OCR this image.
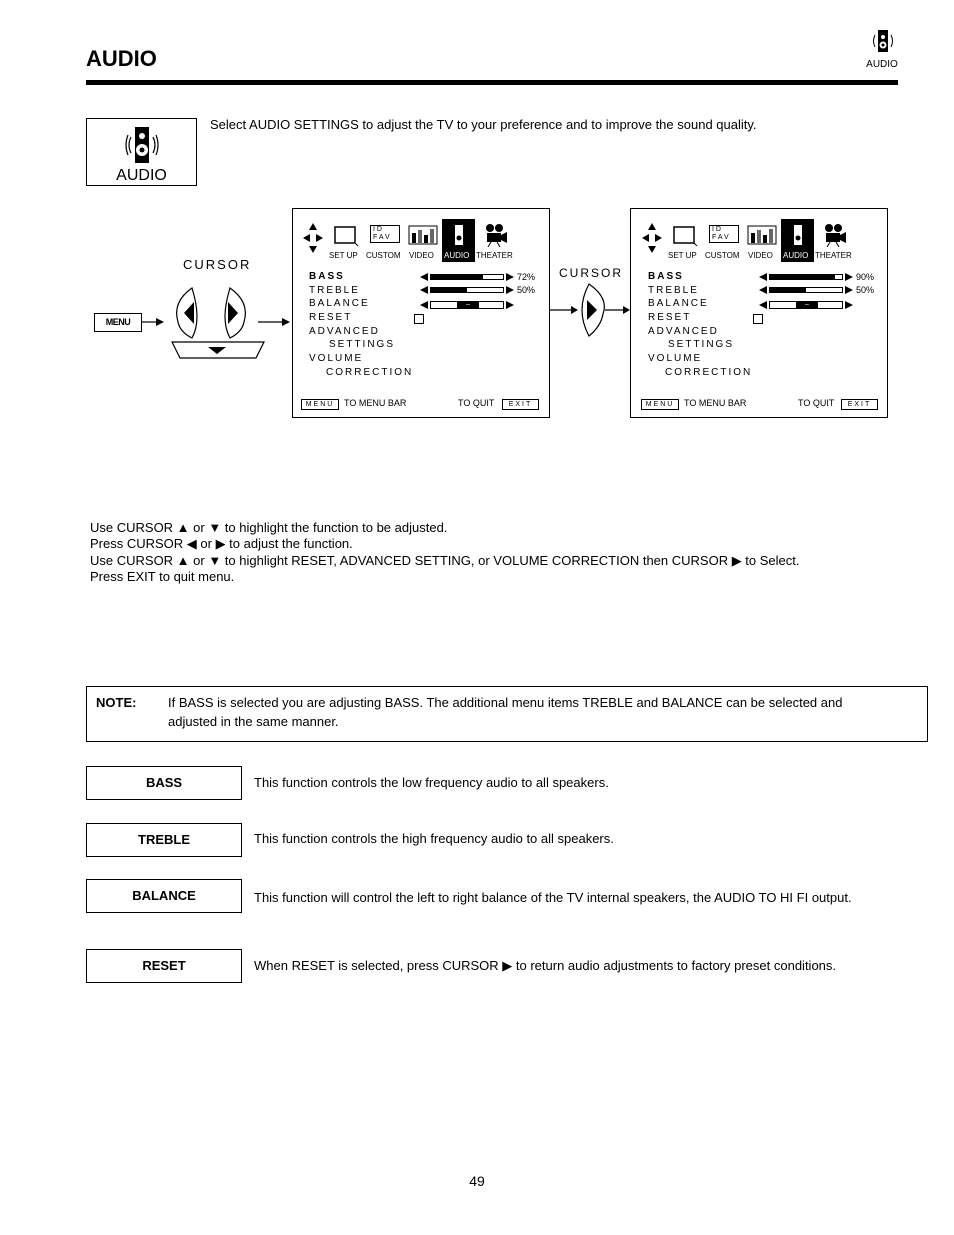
AUDIO	AUDIO
AUDIO
Select AUDIO SETTINGS to adjust the TV to your preference and to improve the sound quality.
MENU
CURSOR
CURSOR
I D
F A V
SET UP CUSTOM VIDEO AUDIO THEATER
BASS
TREBLE
BALANCE
RESET
ADVANCED
SETTINGS
VOLUME
CORRECTION
72%
50%
–
MENU	TO MENU BAR	TO QUIT	EXIT
I D
F A V
SET UP CUSTOM VIDEO AUDIO THEATER
BASS
TREBLE
BALANCE
RESET
ADVANCED
SETTINGS
VOLUME
CORRECTION
90%
50%
–
MENU	TO MENU BAR	TO QUIT	EXIT
Use CURSOR ▲ or ▼ to highlight the function to be adjusted.
Press CURSOR ◀ or ▶ to adjust the function.
Use CURSOR ▲ or ▼ to highlight RESET, ADVANCED SETTING, or VOLUME CORRECTION then CURSOR ▶ to Select.
Press EXIT to quit menu.
NOTE: If BASS is selected you are adjusting BASS. The additional menu items TREBLE and BALANCE can be selected and
adjusted in the same manner.
BASS	This function controls the low frequency audio to all speakers.
TREBLE	This function controls the high frequency audio to all speakers.
BALANCE	This function will control the left to right balance of the TV internal speakers, the AUDIO TO HI FI output.
RESET	When RESET is selected, press CURSOR ▶ to return audio adjustments to factory preset conditions.
49
